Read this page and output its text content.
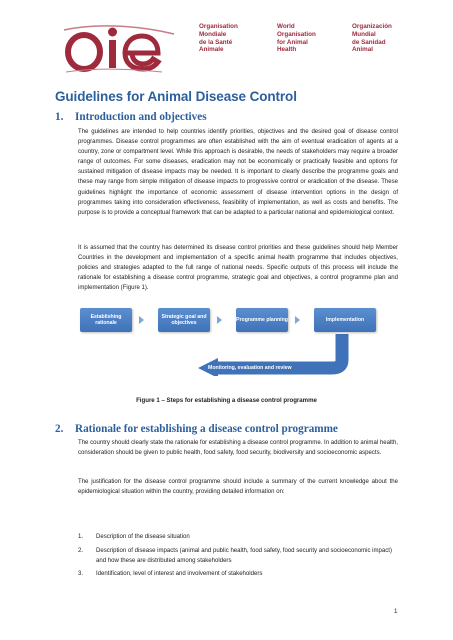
Organisation
Mondiale
de la Santé
Animale
World
Organisation
for Animal
Health
Organización
Mundial
de Sanidad
Animal
Guidelines for Animal Disease Control
1. Introduction and objectives
The guidelines are intended to help countries identify priorities, objectives and the desired goal of disease control programmes. Disease control programmes are often established with the aim of eventual eradication of agents at a country, zone or compartment level. While this approach is desirable, the needs of stakeholders may require a broader range of outcomes. For some diseases, eradication may not be economically or practically feasible and options for sustained mitigation of disease impacts may be needed. It is important to clearly describe the programme goals and these may range from simple mitigation of disease impacts to progressive control or eradication of the disease. These guidelines highlight the importance of economic assessment of disease intervention options in the design of programmes taking into consideration effectiveness, feasibility of implementation, as well as costs and benefits. The purpose is to provide a conceptual framework that can be adapted to a particular national and epidemiological context.
It is assumed that the country has determined its disease control priorities and these guidelines should help Member Countries in the development and implementation of a specific animal health programme that includes objectives, policies and strategies adapted to the full range of national needs. Specific outputs of this process will include the rationale for establishing a disease control programme, strategic goal and objectives, a control programme plan and implementation (Figure 1).
Establishing rationale
Strategic goal and objectives
Programme planning	Implementation
Monitoring, evaluation and review
Figure 1 – Steps for establishing a disease control programme
2. Rationale for establishing a disease control programme
The country should clearly state the rationale for establishing a disease control programme. In addition to animal health, consideration should be given to public health, food safety, food security, biodiversity and socioeconomic aspects.
The justification for the disease control programme should include a summary of the current knowledge about the epidemiological situation within the country, providing detailed information on:
1.	Description of the disease situation
2.	Description of disease impacts (animal and public health, food safety, food security and socioeconomic impact) and how these are distributed among stakeholders
3.	Identification, level of interest and involvement of stakeholders
1
